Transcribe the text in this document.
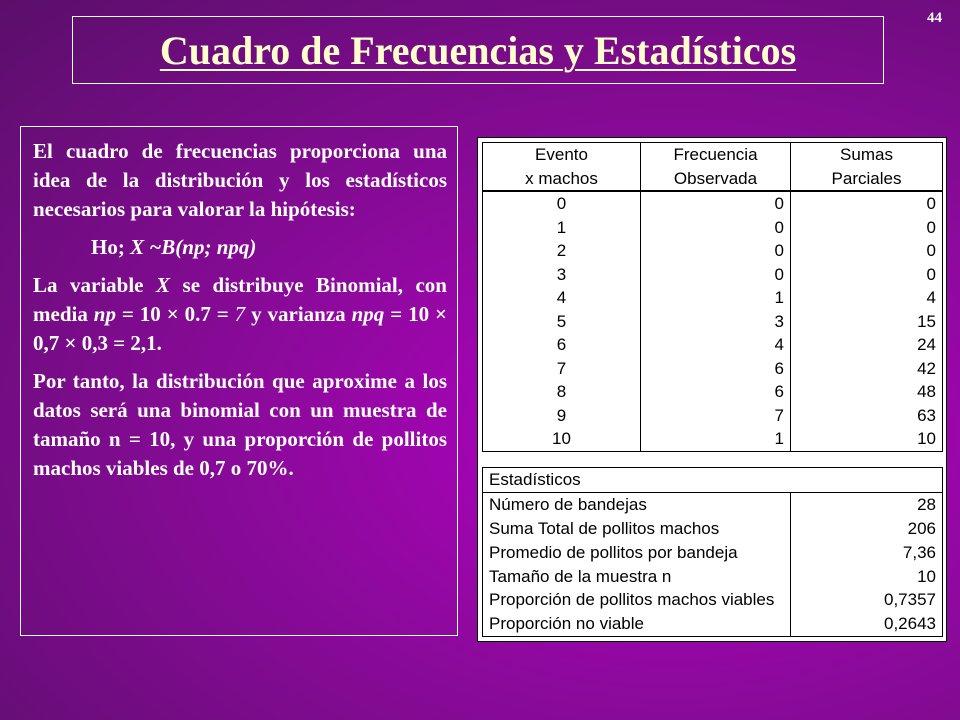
44
Cuadro de Frecuencias y Estadísticos

El cuadro de frecuencias proporciona una idea de la distribución y los estadísticos necesarios para valorar la hipótesis:

Ho; X ~B(np; npq)

La variable X se distribuye Binomial, con media np = 10 × 0.7 = 7 y varianza npq = 10 × 0,7 × 0,3 = 2,1.

Por tanto, la distribución que aproxime a los datos será una binomial con un muestra de tamaño n = 10, y una proporción de pollitos machos viables de 0,7 o 70%.

Evento	Frecuencia	Sumas
x machos	Observada	Parciales
0	0	0
1	0	0
2	0	0
3	0	0
4	1	4
5	3	15
6	4	24
7	6	42
8	6	48
9	7	63
10	1	10
Estadísticos	
Número de bandejas	28
Suma Total de pollitos machos	206
Promedio de pollitos por bandeja	7,36
Tamaño de la muestra n	10
Proporción de pollitos machos viables	0,7357
Proporción no viable	0,2643
